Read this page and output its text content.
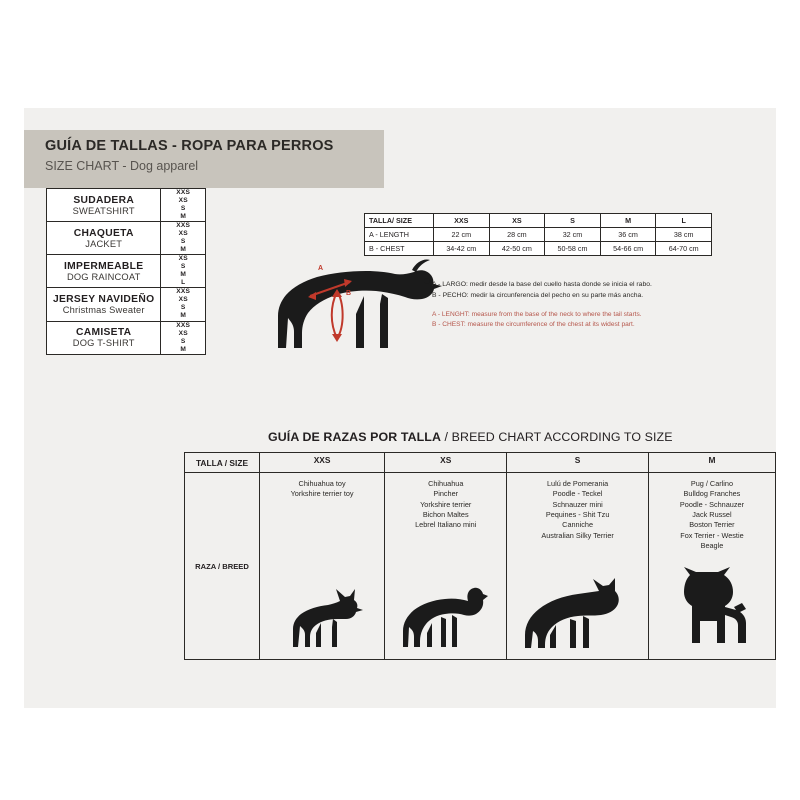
GUÍA DE TALLAS - ROPA PARA PERROS
SIZE CHART - Dog apparel
SUDADERA
SWEATSHIRT	XXS
XS
S
M

CHAQUETA
JACKET	XXS
XS
S
M

IMPERMEABLE
DOG RAINCOAT	XS
S
M
L

JERSEY NAVIDEÑO
Christmas Sweater	XXS
XS
S
M

CAMISETA
DOG T-SHIRT	XXS
XS
S
M
TALLA/ SIZE	XXS	XS	S	M	L
A - LENGTH	22 cm	28 cm	32 cm	36 cm	38 cm
B - CHEST	34-42 cm	42-50 cm	50-58 cm	54-66 cm	64-70 cm
A
B
A - LARGO: medir desde la base del cuello hasta donde se inicia el rabo.
B - PECHO: medir la circunferencia del pecho en su parte más ancha.
A - LENGHT: measure from the base of the neck to where the tail starts.
B - CHEST: measure the circumference of the chest at its widest part.
GUÍA DE RAZAS POR TALLA / BREED CHART ACCORDING TO SIZE
TALLA / SIZE	XXS	XS	S	M
RAZA / BREED	
Chihuahua toy
Yorkshire terrier toy

Chihuahua
Pincher
Yorkshire terrier
Bichon Maltes
Lebrel Italiano mini

Lulú de Pomerania
Poodle - Teckel
Schnauzer mini
Pequines - Shit Tzu
Canniche
Australian Silky Terrier

Pug / Carlino
Bulldog Franches
Poodle - Schnauzer
Jack Russel
Boston Terrier
Fox Terrier - Westie
Beagle
